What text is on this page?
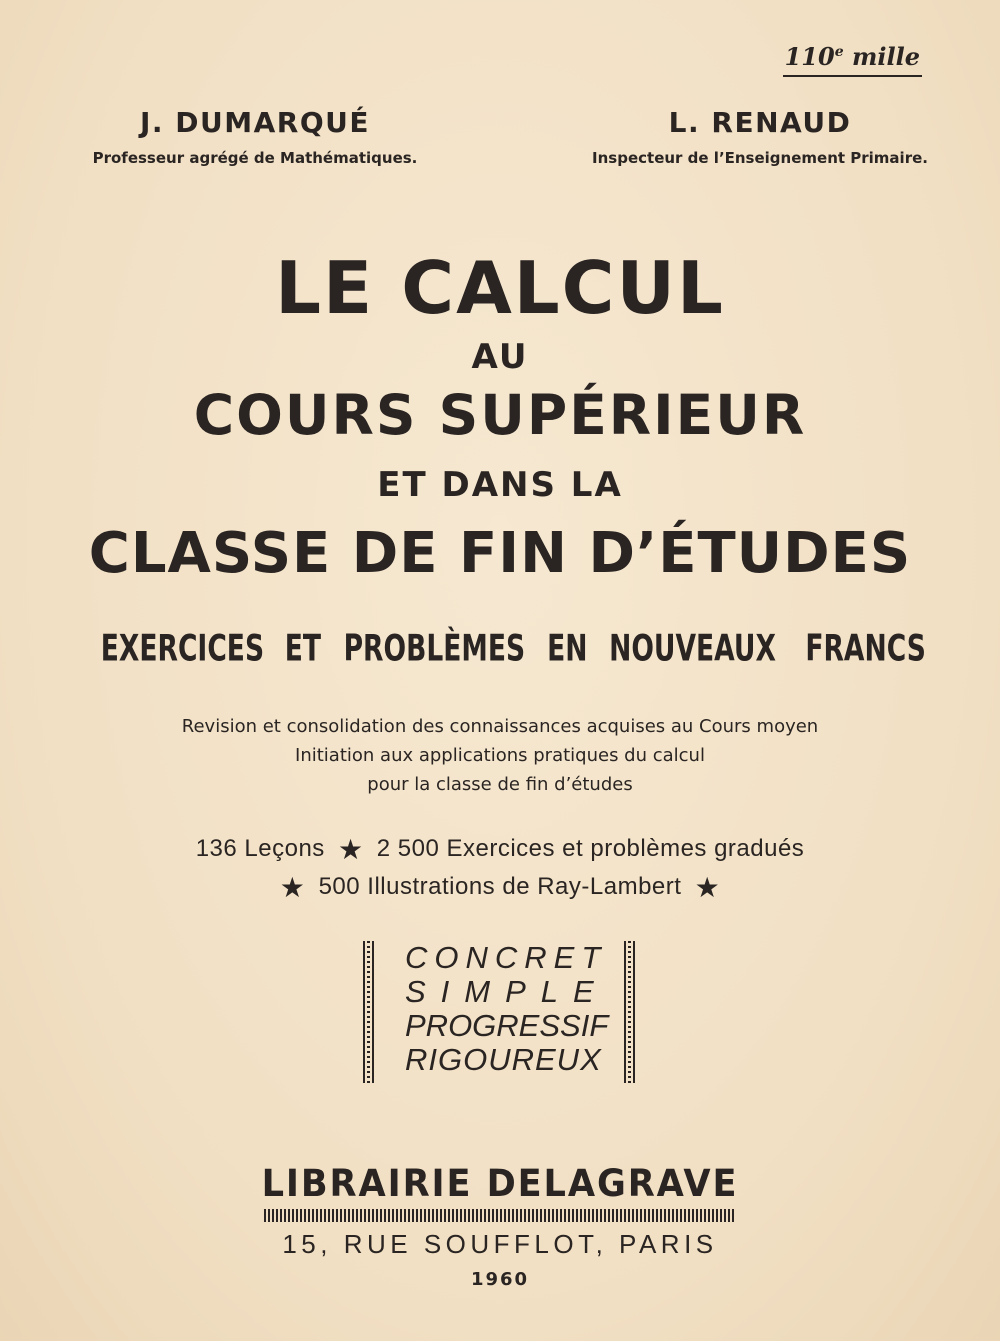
110e mille
J. DUMARQUÉ
Professeur agrégé de Mathématiques.
L. RENAUD
Inspecteur de l’Enseignement Primaire.
LE CALCUL
AU
COURS SUPÉRIEUR
ET DANS LA
CLASSE DE FIN D’ÉTUDES
EXERCICES ET PROBLÈMES EN NOUVEAUX FRANCS
Revision et consolidation des connaissances acquises au Cours moyen
Initiation aux applications pratiques du calcul
pour la classe de fin d’études
136 Leçons ★ 2 500 Exercices et problèmes gradués
★ 500 Illustrations de Ray-Lambert ★
CONCRET
SIMPLE
PROGRESSIF
RIGOUREUX
LIBRAIRIE DELAGRAVE
15, RUE SOUFFLOT, PARIS
1960
